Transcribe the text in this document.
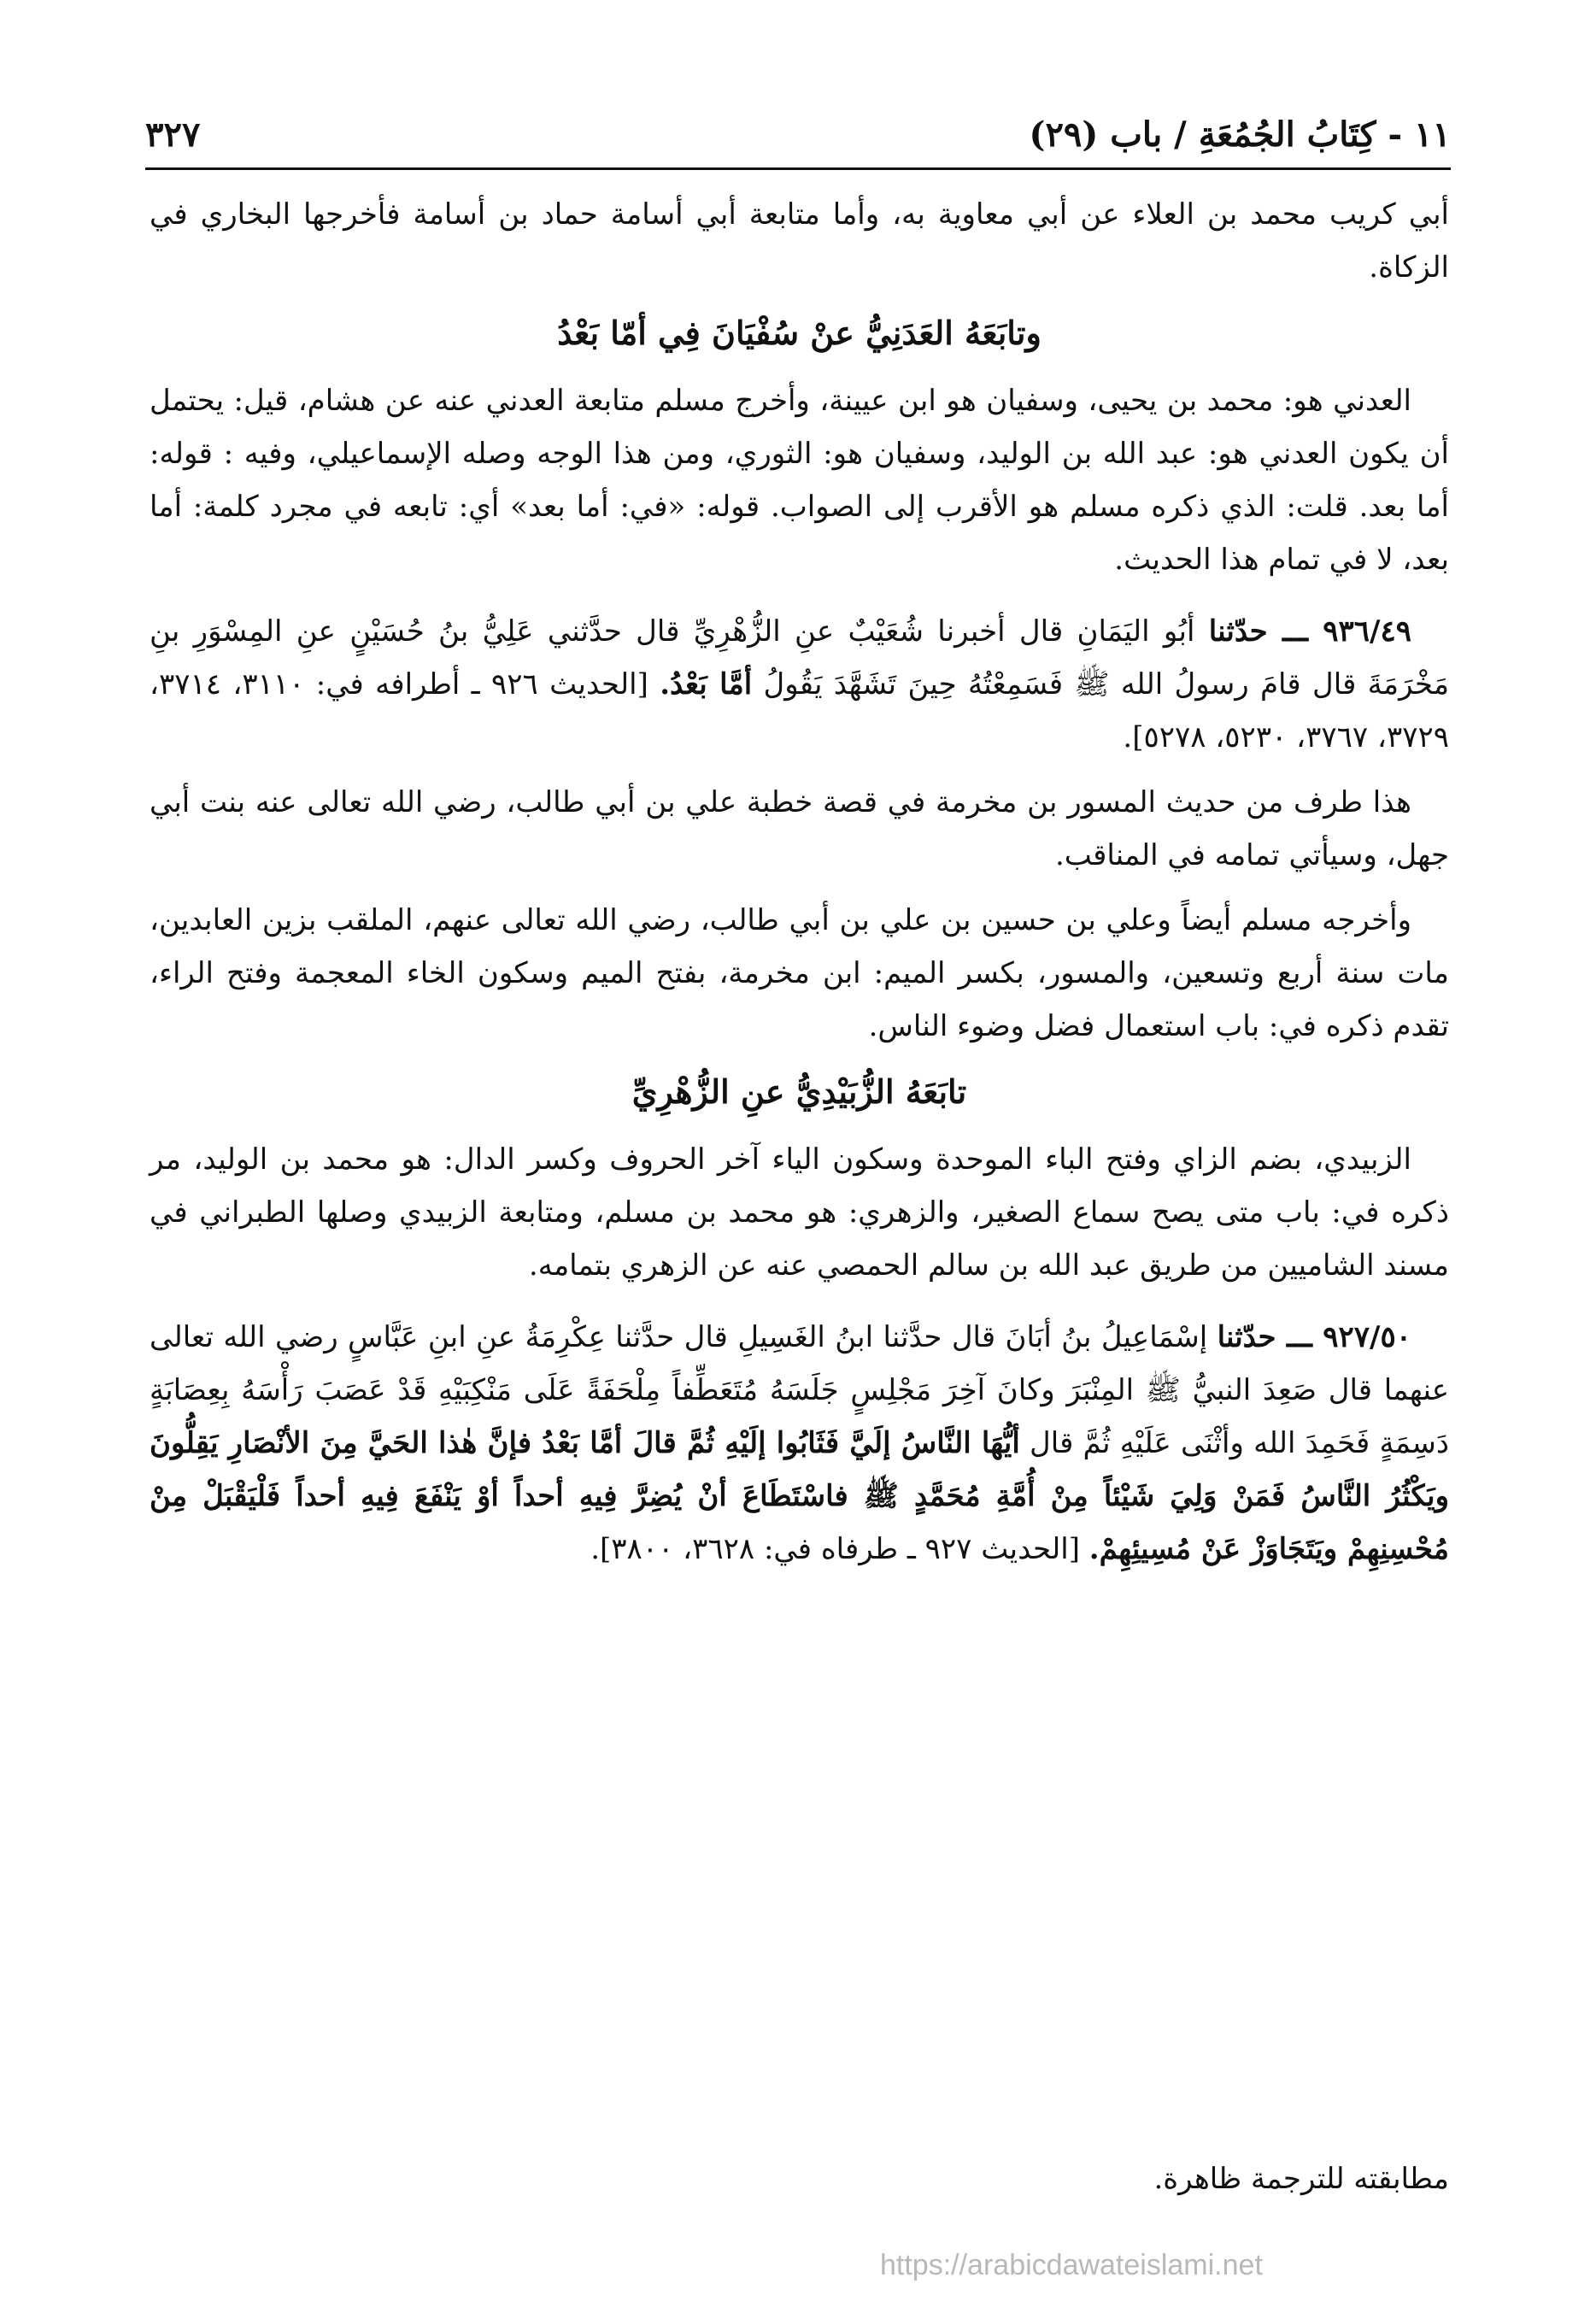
١١ - كِتَابُ الجُمُعَةِ / باب (٢٩)
٣٢٧

أبي كريب محمد بن العلاء عن أبي معاوية به، وأما متابعة أبي أسامة حماد بن أسامة فأخرجها البخاري في الزكاة.

وتابَعَهُ العَدَنِيُّ عنْ سُفْيَانَ فِي أمّا بَعْدُ

العدني هو: محمد بن يحيى، وسفيان هو ابن عيينة، وأخرج مسلم متابعة العدني عنه عن هشام، قيل: يحتمل أن يكون العدني هو: عبد الله بن الوليد، وسفيان هو: الثوري، ومن هذا الوجه وصله الإسماعيلي، وفيه : قوله: أما بعد. قلت: الذي ذكره مسلم هو الأقرب إلى الصواب. قوله: «في: أما بعد» أي: تابعه في مجرد كلمة: أما بعد، لا في تمام هذا الحديث.

٩٣٦/٤٩ ـــ حدّثنا أبُو اليَمَانِ قال أخبرنا شُعَيْبٌ عنِ الزُّهْرِيِّ قال حدَّثني عَلِيُّ بنُ حُسَيْنٍ عنِ المِسْوَرِ بنِ مَخْرَمَةَ قال قامَ رسولُ الله ﷺ فَسَمِعْتُهُ حِينَ تَشَهَّدَ يَقُولُ أمَّا بَعْدُ. [الحديث ٩٢٦ ـ أطرافه في: ٣١١٠، ٣٧١٤، ٣٧٢٩، ٣٧٦٧، ٥٢٣٠، ٥٢٧٨].

هذا طرف من حديث المسور بن مخرمة في قصة خطبة علي بن أبي طالب، رضي الله تعالى عنه بنت أبي جهل، وسيأتي تمامه في المناقب.

وأخرجه مسلم أيضاً وعلي بن حسين بن علي بن أبي طالب، رضي الله تعالى عنهم، الملقب بزين العابدين، مات سنة أربع وتسعين، والمسور، بكسر الميم: ابن مخرمة، بفتح الميم وسكون الخاء المعجمة وفتح الراء، تقدم ذكره في: باب استعمال فضل وضوء الناس.

تابَعَهُ الزُّبَيْدِيُّ عنِ الزُّهْرِيِّ

الزبيدي، بضم الزاي وفتح الباء الموحدة وسكون الياء آخر الحروف وكسر الدال: هو محمد بن الوليد، مر ذكره في: باب متى يصح سماع الصغير، والزهري: هو محمد بن مسلم، ومتابعة الزبيدي وصلها الطبراني في مسند الشاميين من طريق عبد الله بن سالم الحمصي عنه عن الزهري بتمامه.

٩٢٧/٥٠ ـــ حدّثنا إسْمَاعِيلُ بنُ أبَانَ قال حدَّثنا ابنُ الغَسِيلِ قال حدَّثنا عِكْرِمَةُ عنِ ابنِ عَبَّاسٍ رضي الله تعالى عنهما قال صَعِدَ النبيُّ ﷺ المِنْبَرَ وكانَ آخِرَ مَجْلِسٍ جَلَسَهُ مُتَعَطِّفاً مِلْحَفَةً عَلَى مَنْكِبَيْهِ قَدْ عَصَبَ رَأْسَهُ بِعِصَابَةٍ دَسِمَةٍ فَحَمِدَ الله وأثْنَى عَلَيْهِ ثُمَّ قال أيُّهَا النَّاسُ إلَيَّ فَثَابُوا إلَيْهِ ثُمَّ قالَ أمَّا بَعْدُ فإنَّ هٰذا الحَيَّ مِنَ الأنْصَارِ يَقِلُّونَ ويَكْثُرُ النَّاسُ فَمَنْ وَلِيَ شَيْئاً مِنْ أُمَّةِ مُحَمَّدٍ ﷺ فاسْتَطَاعَ أنْ يُضِرَّ فِيهِ أحداً أوْ يَنْفَعَ فِيهِ أحداً فَلْيَقْبَلْ مِنْ مُحْسِنِهِمْ ويَتَجَاوَزْ عَنْ مُسِيئِهِمْ. [الحديث ٩٢٧ ـ طرفاه في: ٣٦٢٨، ٣٨٠٠].

مطابقته للترجمة ظاهرة.
https://arabicdawateislami.net
